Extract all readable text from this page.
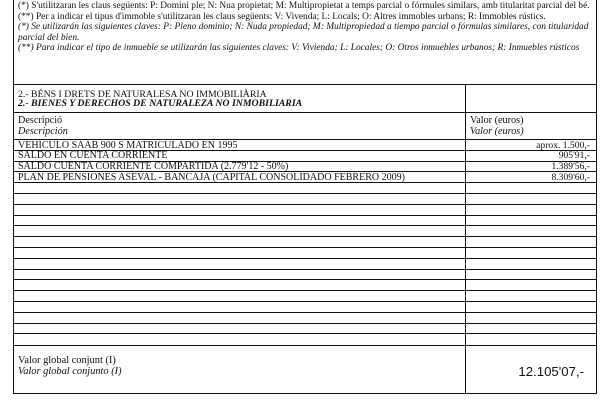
(*) S'utilitzaran les claus següents: P: Domini ple; N: Nua propietat; M: Multipropietat a temps parcial o fórmules similars, amb titularitat parcial del bé.

(**) Per a indicar el tipus d'immoble s'utilitzaran les claus següents: V: Vivenda; L: Locals; O: Altres immobles urbans; R: Immobles rústics.

(*) Se utilizarán las siguientes claves: P: Pleno dominio; N: Nuda propiedad; M: Multipropiedad a tiempo parcial o fórmulas similares, con titularidad parcial del bien.

(**) Para indicar el tipo de inmueble se utilizarán las siguientes claves: V: Vivienda; L: Locales; O: Otros inmuebles urbanos; R: Inmuebles rústicos

2.- BÉNS I DRETS DE NATURALESA NO IMMOBILIÀRIA
2.- BIENES Y DERECHOS DE NATURALEZA NO INMOBILIARIA
Descripció
Descripción
Valor (euros)
Valor (euros)
VEHÍCULO SAAB 900 S MATRICULADO EN 1995	aprox. 1.500,-
SALDO EN CUENTA CORRIENTE	905'91,-
SALDO CUENTA CORRIENTE COMPARTIDA (2.779'12 - 50%)	1.389'56,-
PLAN DE PENSIONES ASEVAL - BANCAJA (CAPITAL CONSOLIDADO FEBRERO 2009)	8.309'60,-
Valor global conjunt (I)
Valor global conjunto (I)	12.105'07,-
